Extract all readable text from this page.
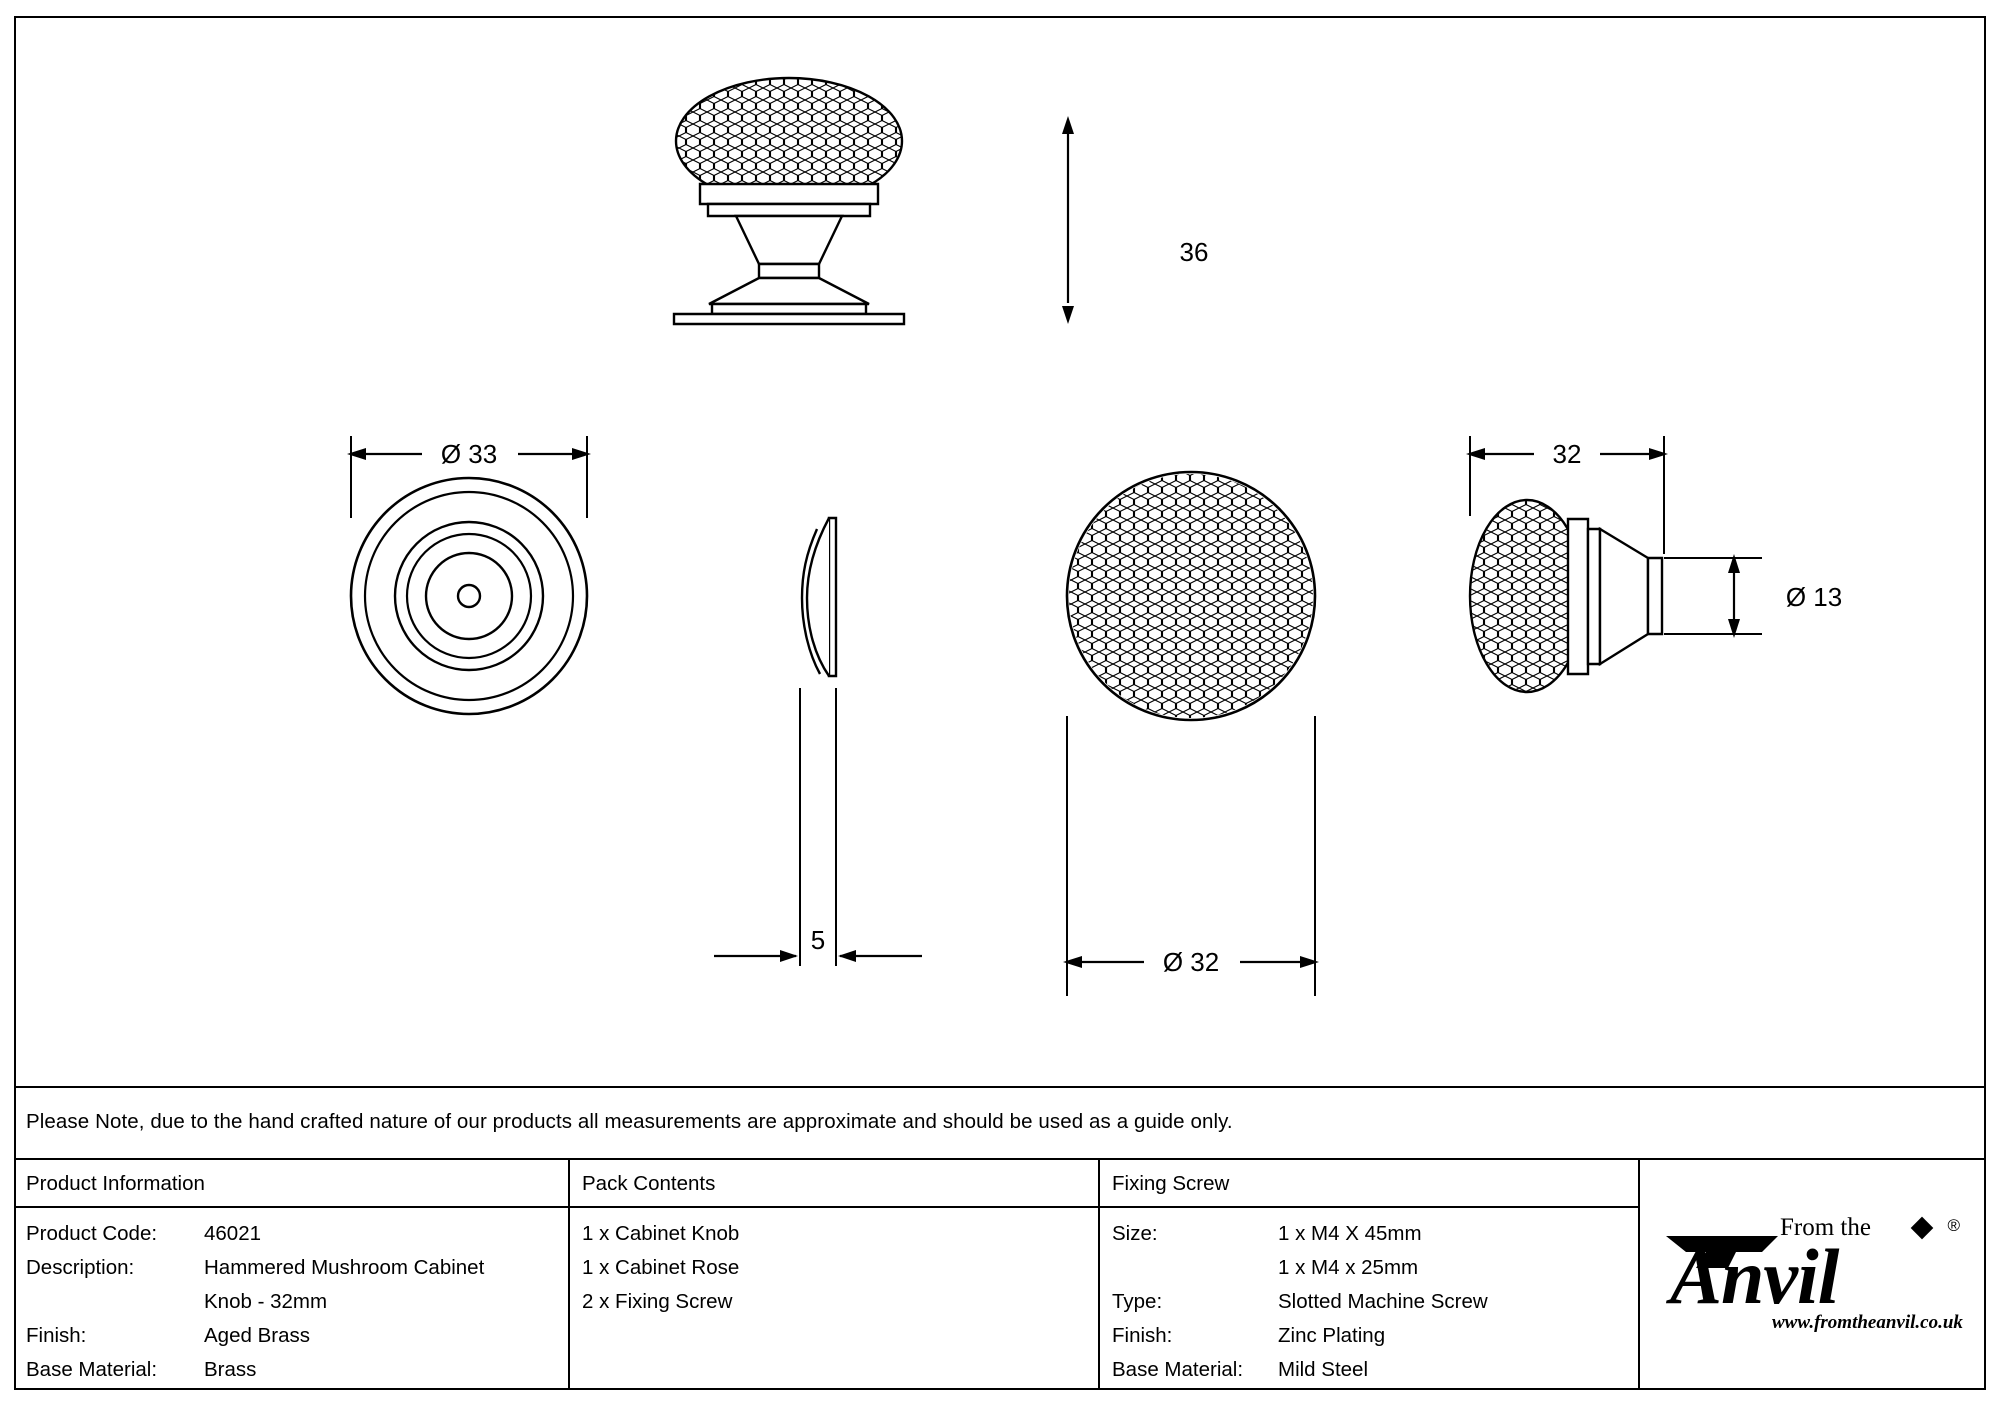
36
Ø 33
5
Ø 32
32
Ø 13
Please Note, due to the hand crafted nature of our products all measurements are approximate and should be used as a guide only.
Product Information
Product Code: 46021
Description:	Hammered Mushroom Cabinet
Knob - 32mm
Finish:	Aged Brass
Base Material: Brass
Pack Contents
1 x Cabinet Knob
1 x Cabinet Rose
2 x Fixing Screw
Fixing Screw
Size:	1 x M4 X 45mm
1 x M4 x 25mm
Type:	Slotted Machine Screw
Finish:	Zinc Plating
Base Material: Mild Steel
From the
Anvil
®
www.fromtheanvil.co.uk
